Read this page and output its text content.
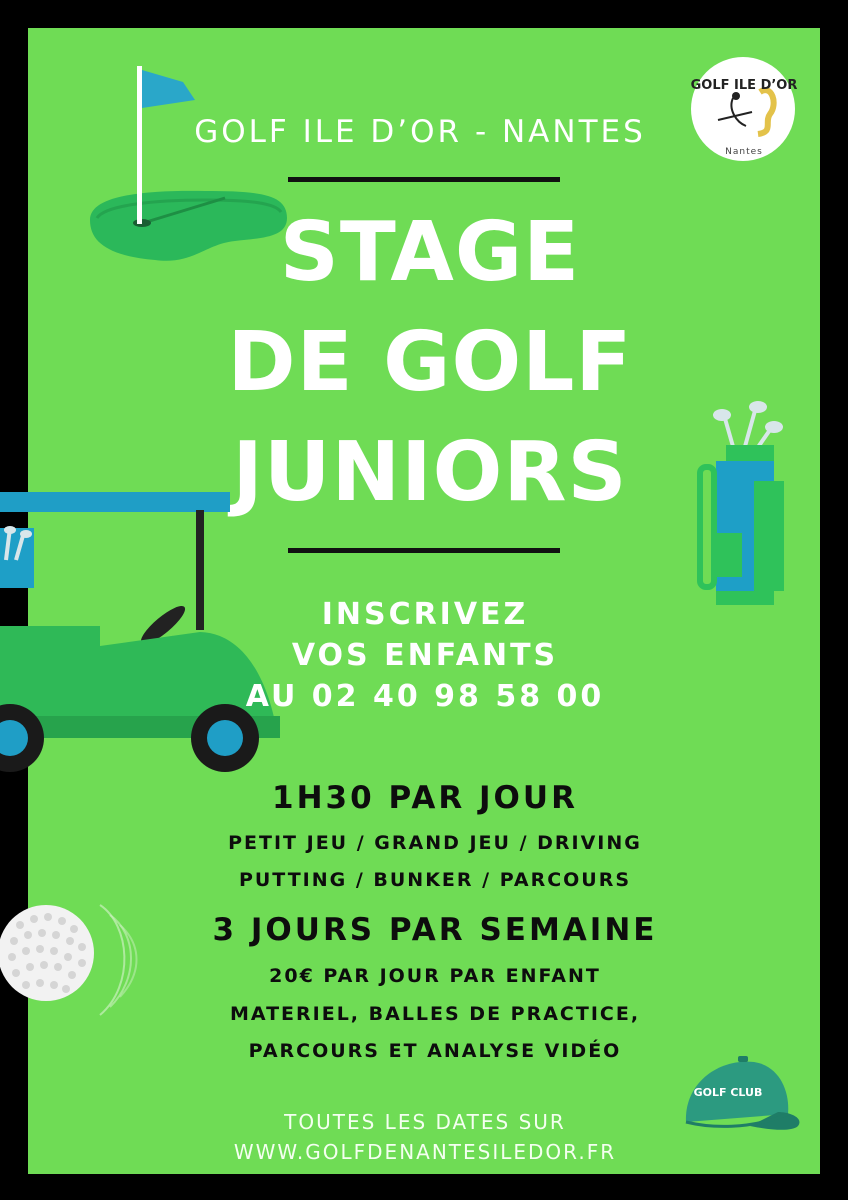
GOLF ILE D’OR - NANTES
GOLF ILE D’OR
Nantes
STAGE
DE GOLF
JUNIORS
INSCRIVEZ
VOS ENFANTS
AU 02 40 98 58 00
1H30 PAR JOUR
PETIT JEU / GRAND JEU / DRIVING
PUTTING / BUNKER / PARCOURS
3 JOURS PAR SEMAINE
20€ PAR JOUR PAR ENFANT
MATERIEL, BALLES DE PRACTICE,
PARCOURS ET ANALYSE VIDÉO
GOLF CLUB
TOUTES LES DATES SUR
WWW.GOLFDENANTESILEDOR.FR
